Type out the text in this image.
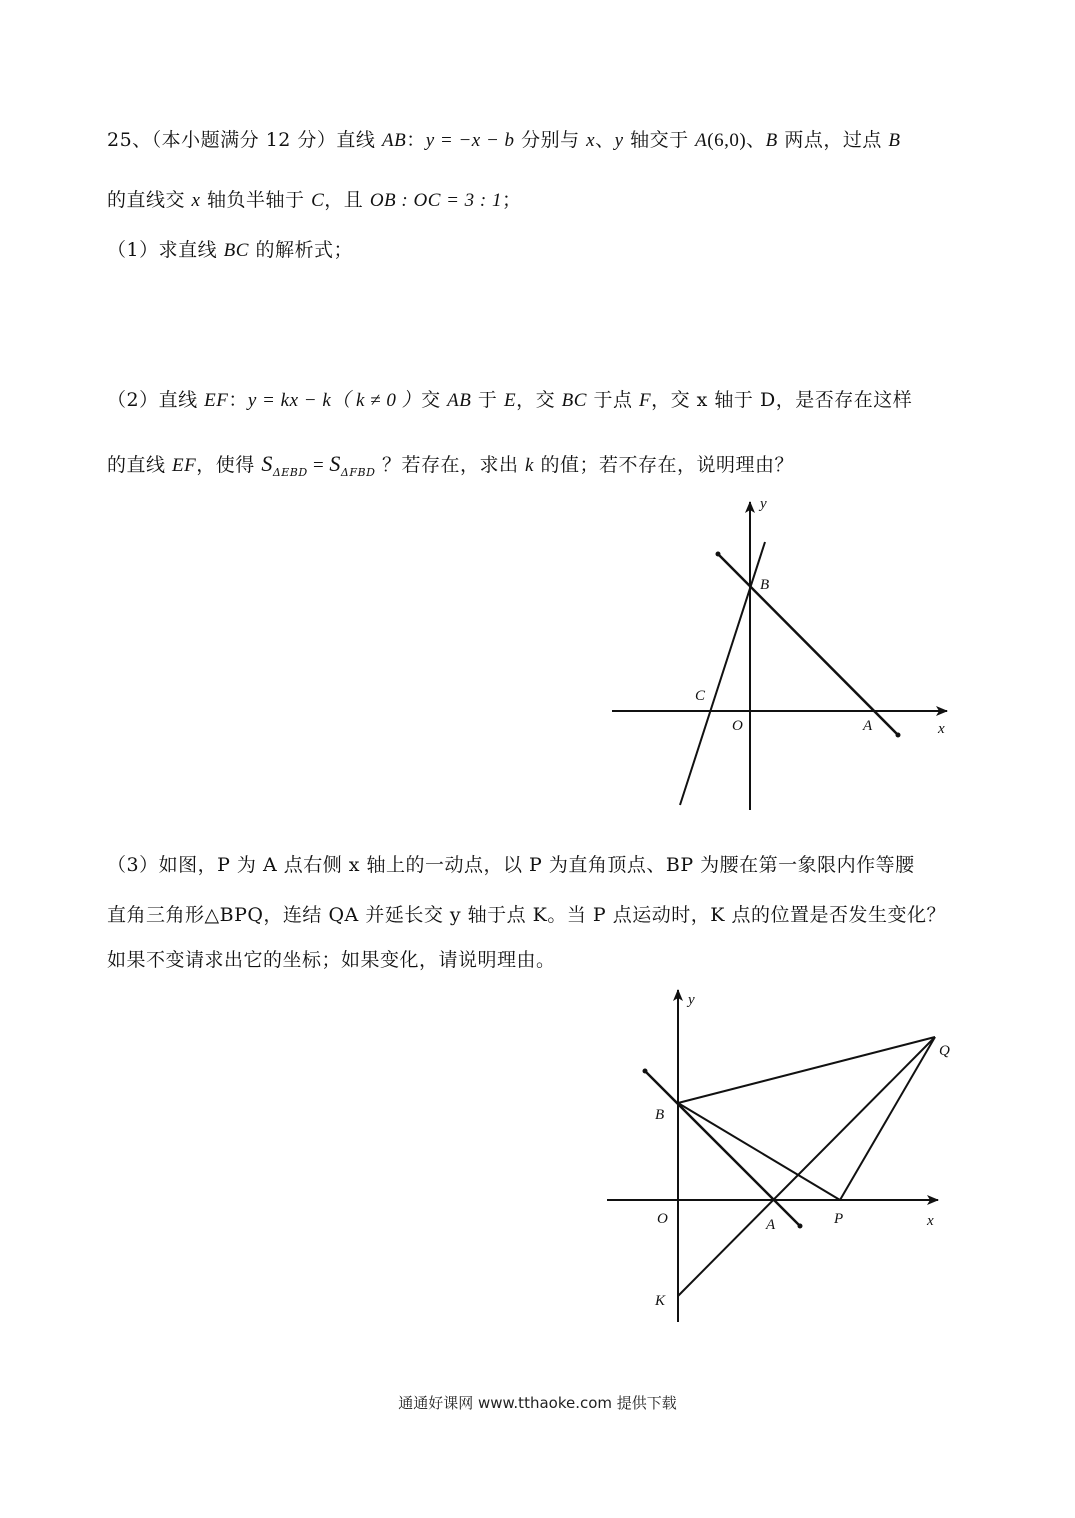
25、（本小题满分 12 分）直线 AB：y = −x − b 分别与 x、y 轴交于 A(6,0)、B 两点，过点 B
的直线交 x 轴负半轴于 C，且 OB : OC = 3 : 1；
（1）求直线 BC 的解析式；
（2）直线 EF：y = kx − k（ k ≠ 0 ）交 AB 于 E，交 BC 于点 F，交 x 轴于 D，是否存在这样
的直线 EF，使得 $S_{\Delta EBD} = S_{\Delta FBD}$ ？若存在，求出 k 的值；若不存在，说明理由？
y
x
B
C
O	A
（3）如图，P 为 A 点右侧 x 轴上的一动点，以 P 为直角顶点、BP 为腰在第一象限内作等腰
直角三角形△BPQ，连结 QA 并延长交 y 轴于点 K。当 P 点运动时，K 点的位置是否发生变化？
如果不变请求出它的坐标；如果变化，请说明理由。
y
x
Q
B
O	A	P
K
通通好课网 www.tthaoke.com 提供下载
